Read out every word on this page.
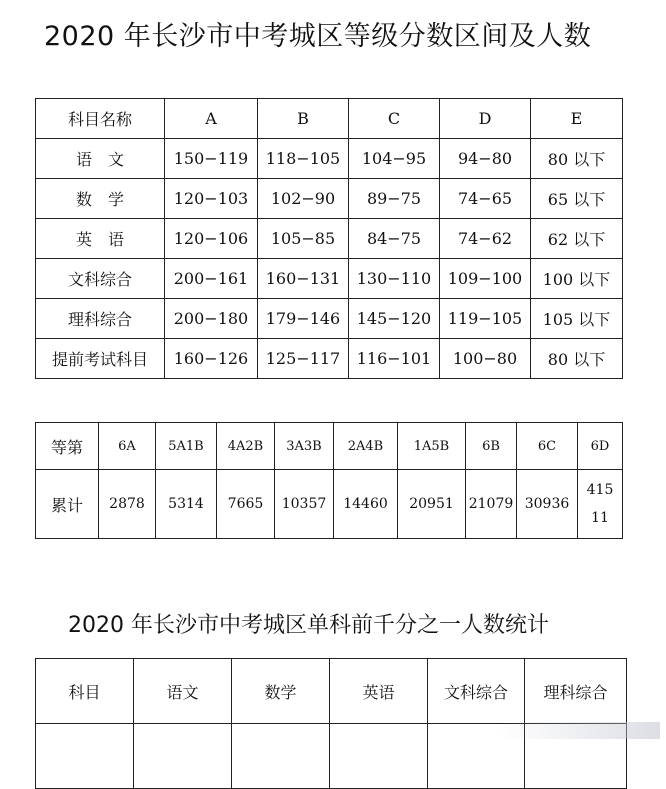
2020 年长沙市中考城区等级分数区间及人数
科目名称	A	B	C	D	E
语　文	150−119	118−105	104−95	94−80	80 以下
数　学	120−103	102−90	89−75	74−65	65 以下
英　语	120−106	105−85	84−75	74−62	62 以下
文科综合	200−161	160−131	130−110	109−100	100 以下
理科综合	200−180	179−146	145−120	119−105	105 以下
提前考试科目	160−126	125−117	116−101	100−80	80 以下
等第	6A	5A1B	4A2B	3A3B	2A4B	1A5B	6B	6C	6D
累计	2878	5314	7665	10357	14460	20951	21079	30936	41511
2020 年长沙市中考城区单科前千分之一人数统计
科目	语文	数学	英语	文科综合	理科综合
